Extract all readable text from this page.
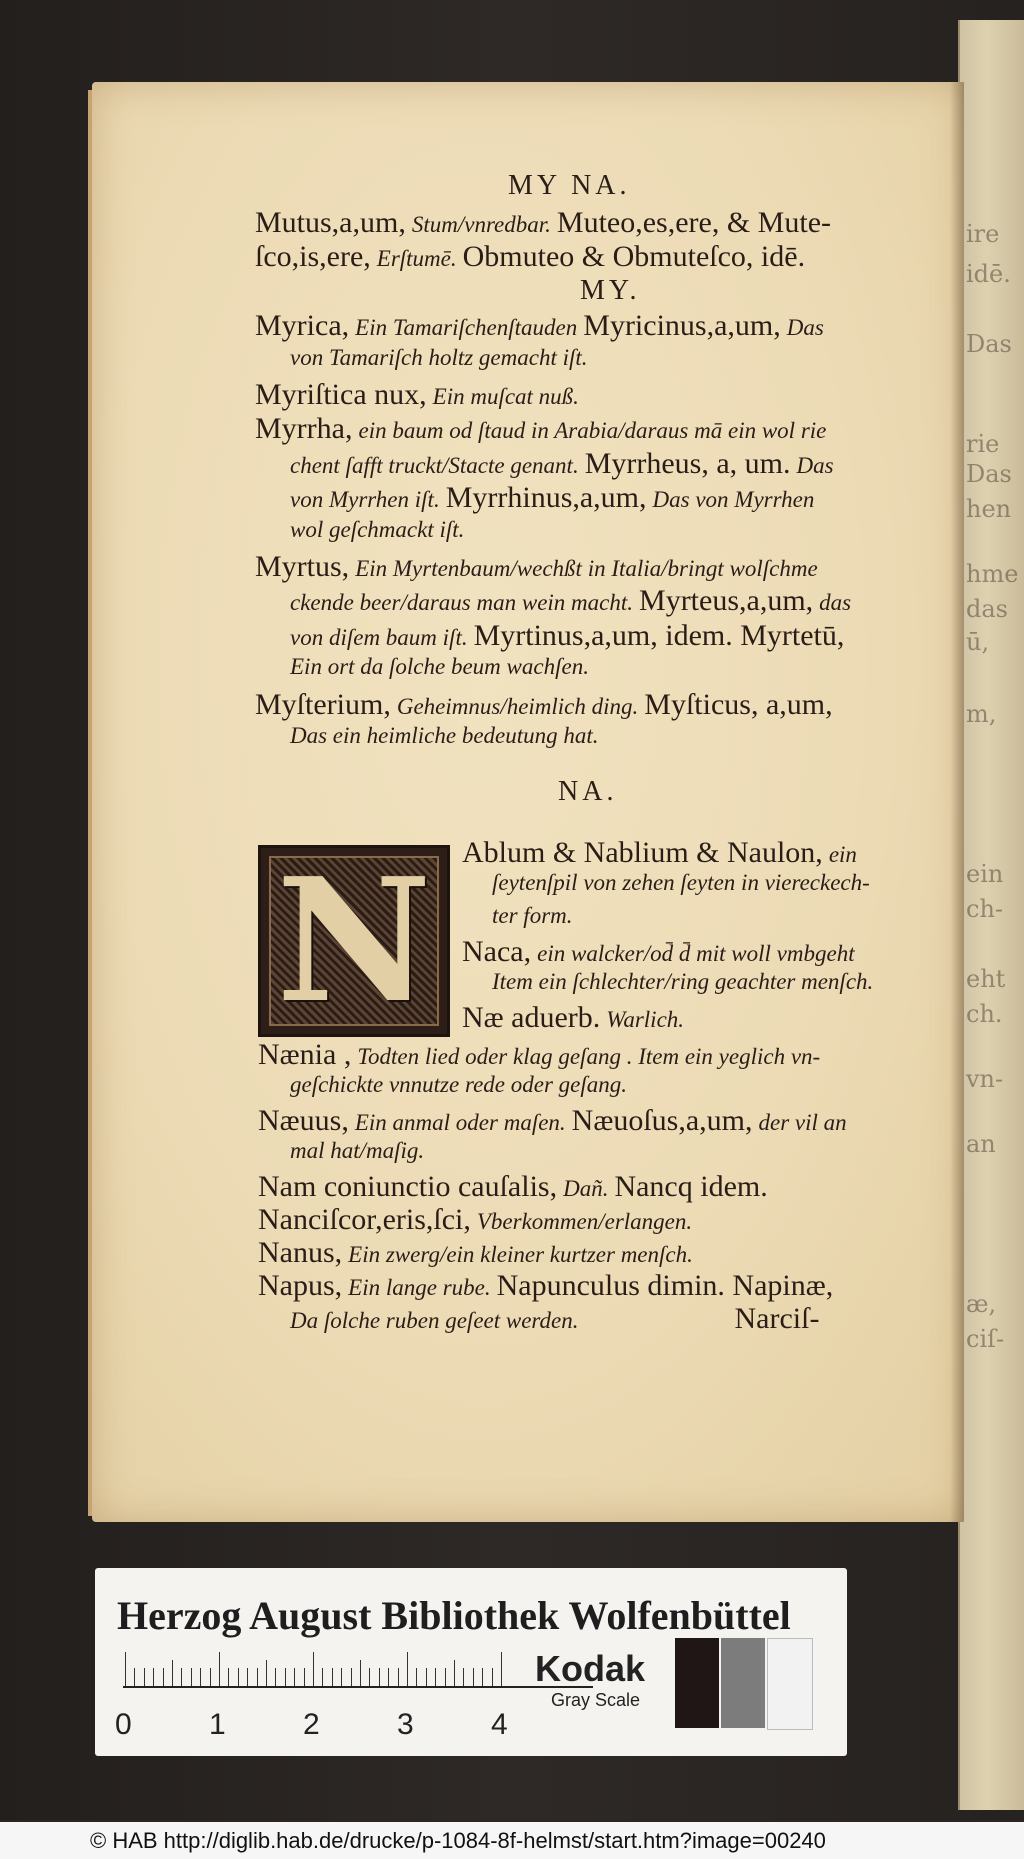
ire
idē.
Das
rie
Das
hen
hme
das
ū,
m,
ein
ch-
eht
ch.
vn-
an
æ,
ciſ-
MY NA.
Mutus,a,um, Stum/vnredbar. Muteo,es,ere, & Mute-
ſco,is,ere, Erſtumē. Obmuteo & Obmuteſco, idē.
MY.
Myrica, Ein Tamariſchenſtauden Myricinus,a,um, Das
von Tamariſch holtz gemacht iſt.
Myriſtica nux, Ein muſcat nuß.
Myrrha, ein baum od ſtaud in Arabia/daraus mā ein wol rie
chent ſafft truckt/Stacte genant. Myrrheus, a, um. Das
von Myrrhen iſt. Myrrhinus,a,um, Das von Myrrhen
wol geſchmackt iſt.
Myrtus, Ein Myrtenbaum/wechßt in Italia/bringt wolſchme
ckende beer/daraus man wein macht. Myrteus,a,um, das
von diſem baum iſt. Myrtinus,a,um, idem. Myrtetū,
Ein ort da ſolche beum wachſen.
Myſterium, Geheimnus/heimlich ding. Myſticus, a,um,
Das ein heimliche bedeutung hat.
NA.
N	Ablum & Nablium & Naulon, ein
ſeytenſpil von zehen ſeyten in viereckech-
ter form.
Naca, ein walcker/od̄ d̄ mit woll vmbgeht
Item ein ſchlechter/ring geachter menſch.
Næ aduerb. Warlich.
Nænia , Todten lied oder klag geſang . Item ein yeglich vn-
geſchickte vnnutze rede oder geſang.
Næuus, Ein anmal oder maſen. Næuoſus,a,um, der vil an
mal hat/maſig.
Nam coniunctio cauſalis, Dañ. Nancq idem.
Nanciſcor,eris,ſci, Vberkommen/erlangen.
Nanus, Ein zwerg/ein kleiner kurtzer menſch.
Napus, Ein lange rube. Napunculus dimin. Napinæ,
Da ſolche ruben geſeet werden.	Narciſ-
Herzog August Bibliothek Wolfenbüttel
0	1	2	3	4
Kodak
Gray Scale
© HAB http://diglib.hab.de/drucke/p-1084-8f-helmst/start.htm?image=00240
